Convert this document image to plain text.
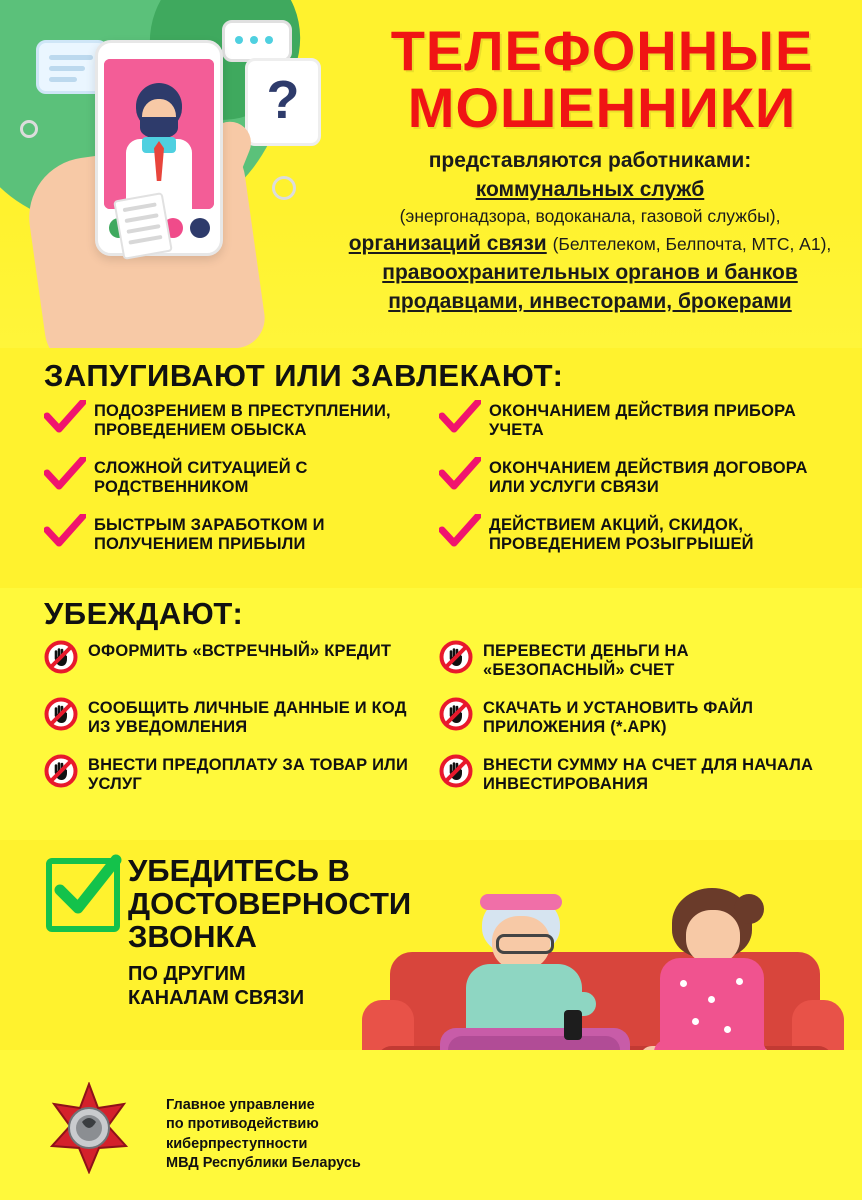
?
ТЕЛЕФОННЫЕ
МОШЕННИКИ
представляются работниками:
коммунальных служб
(энергонадзора, водоканала, газовой службы),
организаций связи (Белтелеком, Белпочта, МТС, А1),
правоохранительных органов и банков
продавцами, инвесторами, брокерами
ЗАПУГИВАЮТ ИЛИ ЗАВЛЕКАЮТ:
ПОДОЗРЕНИЕМ В ПРЕСТУПЛЕНИИ, ПРОВЕДЕНИЕМ ОБЫСКА
ОКОНЧАНИЕМ ДЕЙСТВИЯ ПРИБОРА УЧЕТА
СЛОЖНОЙ СИТУАЦИЕЙ С РОДСТВЕННИКОМ
ОКОНЧАНИЕМ ДЕЙСТВИЯ ДОГОВОРА ИЛИ УСЛУГИ СВЯЗИ
БЫСТРЫМ ЗАРАБОТКОМ И ПОЛУЧЕНИЕМ ПРИБЫЛИ
ДЕЙСТВИЕМ АКЦИЙ, СКИДОК, ПРОВЕДЕНИЕМ РОЗЫГРЫШЕЙ
УБЕЖДАЮТ:
ОФОРМИТЬ «ВСТРЕЧНЫЙ» КРЕДИТ	ПЕРЕВЕСТИ ДЕНЬГИ НА «БЕЗОПАСНЫЙ» СЧЕТ
СООБЩИТЬ ЛИЧНЫЕ ДАННЫЕ И КОД ИЗ УВЕДОМЛЕНИЯ
СКАЧАТЬ И УСТАНОВИТЬ ФАЙЛ ПРИЛОЖЕНИЯ (*.АРК)
ВНЕСТИ ПРЕДОПЛАТУ ЗА ТОВАР ИЛИ УСЛУГ
ВНЕСТИ СУММУ НА СЧЕТ ДЛЯ НАЧАЛА ИНВЕСТИРОВАНИЯ
УБЕДИТЕСЬ В
ДОСТОВЕРНОСТИ
ЗВОНКА
ПО ДРУГИМ
КАНАЛАМ СВЯЗИ
Главное управление
по противодействию
киберпреступности
МВД Республики Беларусь
